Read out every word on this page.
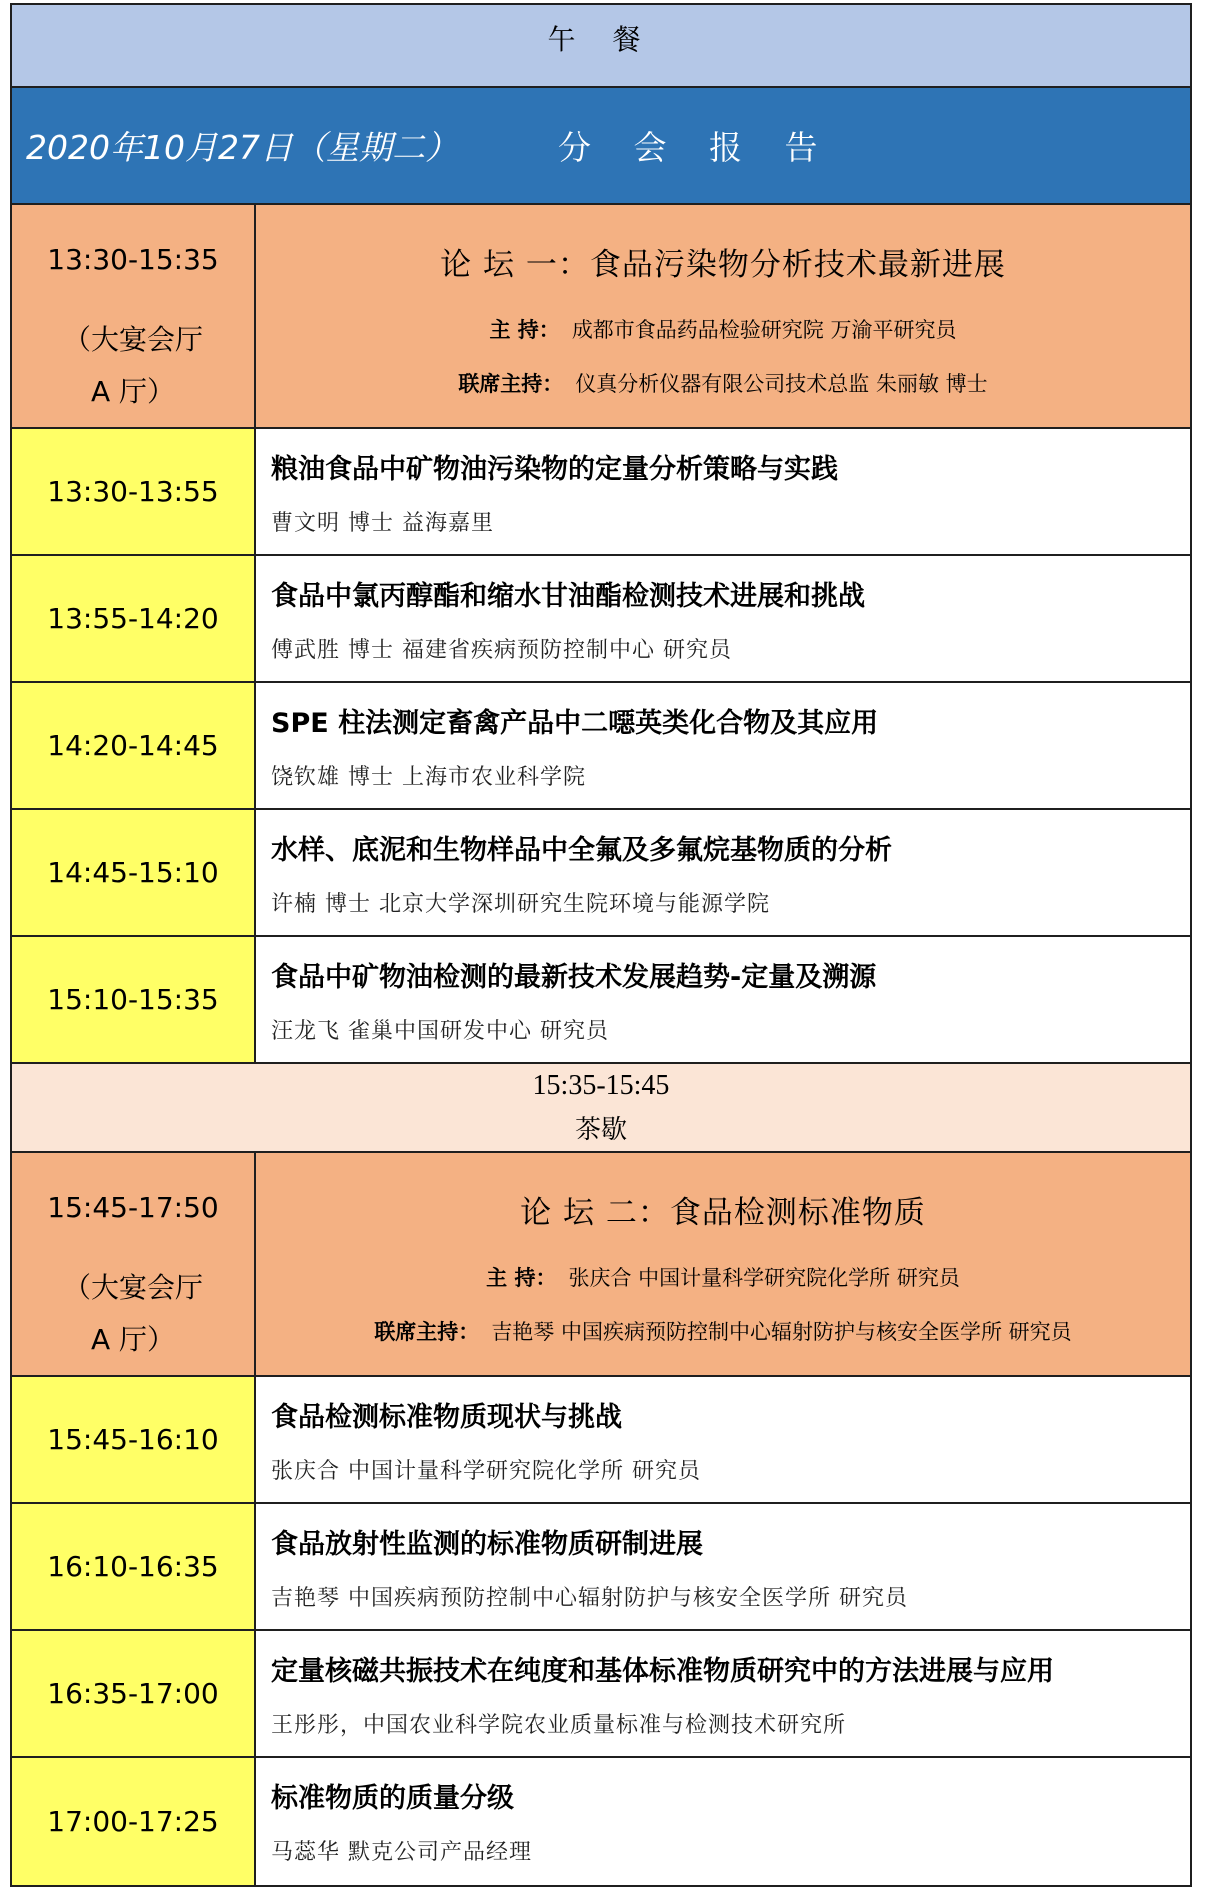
午 餐
2020年10月27日（星期二）	分 会 报 告
13:30-15:35
（大宴会厅
A 厅）
论 坛 一：食品污染物分析技术最新进展
主 持： 成都市食品药品检验研究院 万渝平研究员
联席主持： 仪真分析仪器有限公司技术总监 朱丽敏 博士
13:30-13:55
粮油食品中矿物油污染物的定量分析策略与实践
曹文明 博士 益海嘉里
13:55-14:20
食品中氯丙醇酯和缩水甘油酯检测技术进展和挑战
傅武胜 博士 福建省疾病预防控制中心 研究员
14:20-14:45
SPE 柱法测定畜禽产品中二噁英类化合物及其应用
饶钦雄 博士 上海市农业科学院
14:45-15:10
水样、底泥和生物样品中全氟及多氟烷基物质的分析
许楠 博士 北京大学深圳研究生院环境与能源学院
15:10-15:35
食品中矿物油检测的最新技术发展趋势-定量及溯源
汪龙飞 雀巢中国研发中心 研究员
15:35-15:45
茶歇
15:45-17:50
（大宴会厅
A 厅）
论 坛 二：食品检测标准物质
主 持： 张庆合 中国计量科学研究院化学所 研究员
联席主持： 吉艳琴 中国疾病预防控制中心辐射防护与核安全医学所 研究员
15:45-16:10
食品检测标准物质现状与挑战
张庆合 中国计量科学研究院化学所 研究员
16:10-16:35
食品放射性监测的标准物质研制进展
吉艳琴 中国疾病预防控制中心辐射防护与核安全医学所 研究员
16:35-17:00
定量核磁共振技术在纯度和基体标准物质研究中的方法进展与应用
王彤彤，中国农业科学院农业质量标准与检测技术研究所
17:00-17:25
标准物质的质量分级
马蕊华 默克公司产品经理
